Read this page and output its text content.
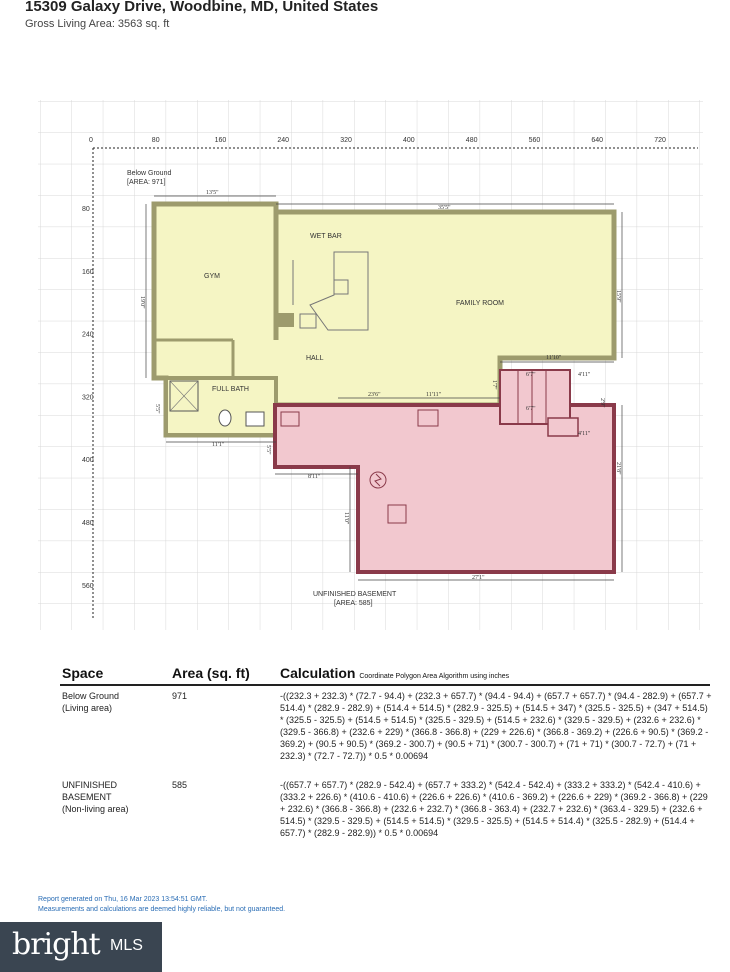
15309 Galaxy Drive, Woodbine, MD, United States
Gross Living Area: 3563 sq. ft
0	80	160	240	320	400	480	560	640	720
80
160
240
320
400
480
560
Below Ground
[AREA: 971]
WET BAR
GYM
FAMILY ROOM
HALL
FULL BATH
UNFINISHED BASEMENT
[AREA: 585]
13'5"
35'5"
19'0"	15'9"
11'10"
6'7"	4'11"
6'7"
4'11"
2'9"
1'7"
23'6"	11'11"
11'1"
5'5"
5'5"
8'11"
11'0"
21'8"
27'1"
Space	Area (sq. ft) Calculation Coordinate Polygon Area Algorithm using inches
Below Ground
(Living area)
971	-((232.3 + 232.3) * (72.7 - 94.4) + (232.3 + 657.7) * (94.4 - 94.4) + (657.7 + 657.7) * (94.4 - 282.9) + (657.7 + 514.4) * (282.9 - 282.9) + (514.4 + 514.5) * (282.9 - 325.5) + (514.5 + 347) * (325.5 - 325.5) + (347 + 514.5) * (325.5 - 325.5) + (514.5 + 514.5) * (325.5 - 329.5) + (514.5 + 232.6) * (329.5 - 329.5) + (232.6 + 232.6) * (329.5 - 366.8) + (232.6 + 229) * (366.8 - 366.8) + (229 + 226.6) * (366.8 - 369.2) + (226.6 + 90.5) * (369.2 - 369.2) + (90.5 + 90.5) * (369.2 - 300.7) + (90.5 + 71) * (300.7 - 300.7) + (71 + 71) * (300.7 - 72.7) + (71 + 232.3) * (72.7 - 72.7)) * 0.5 * 0.00694
UNFINISHED
BASEMENT
(Non-living area)
585	-((657.7 + 657.7) * (282.9 - 542.4) + (657.7 + 333.2) * (542.4 - 542.4) + (333.2 + 333.2) * (542.4 - 410.6) + (333.2 + 226.6) * (410.6 - 410.6) + (226.6 + 226.6) * (410.6 - 369.2) + (226.6 + 229) * (369.2 - 366.8) + (229 + 232.6) * (366.8 - 366.8) + (232.6 + 232.7) * (366.8 - 363.4) + (232.7 + 232.6) * (363.4 - 329.5) + (232.6 + 514.5) * (329.5 - 329.5) + (514.5 + 514.5) * (329.5 - 325.5) + (514.5 + 514.4) * (325.5 - 282.9) + (514.4 + 657.7) * (282.9 - 282.9)) * 0.5 * 0.00694
Report generated on Thu, 16 Mar 2023 13:54:51 GMT.
Measurements and calculations are deemed highly reliable, but not guaranteed.
bright MLS
